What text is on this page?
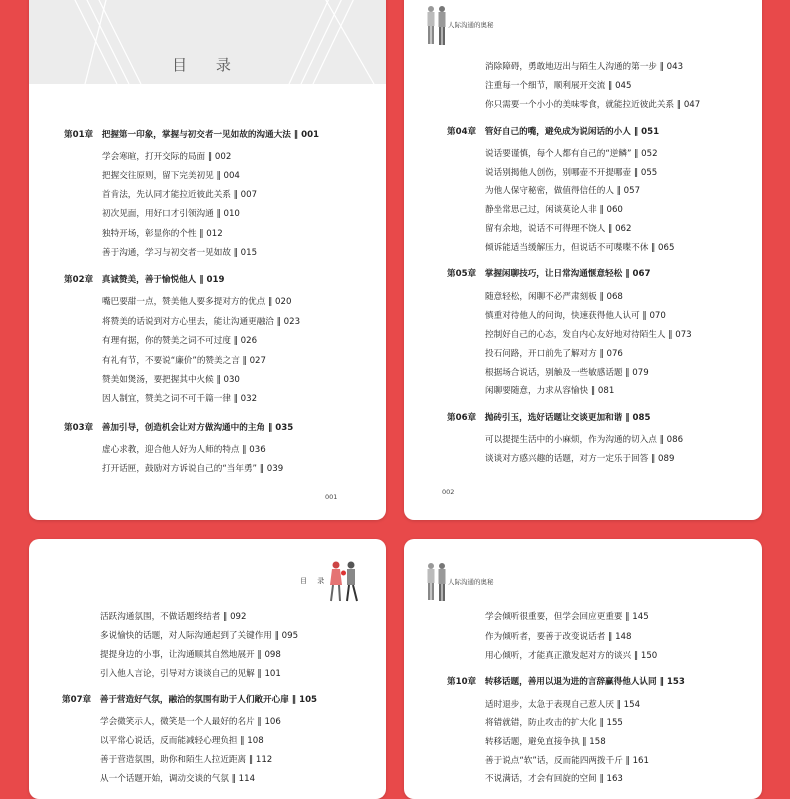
目 录
第01章　把握第一印象，掌握与初交者一见如故的沟通大法 ‖ 001
学会寒暄，打开交际的局面 ‖ 002
把握交往原则，留下完美初见 ‖ 004
首肯法，先认同才能拉近彼此关系 ‖ 007
初次见面，用好口才引领沟通 ‖ 010
独特开场，彰显你的个性 ‖ 012
善于沟通，学习与初交者一见如故 ‖ 015
第02章　真诚赞美，善于愉悦他人 ‖ 019
嘴巴要甜一点，赞美他人要多提对方的优点 ‖ 020
将赞美的话说到对方心里去，能让沟通更融洽 ‖ 023
有理有据，你的赞美之词不可过度 ‖ 026
有礼有节，不要说“廉价”的赞美之言 ‖ 027
赞美如煲汤，要把握其中火候 ‖ 030
因人制宜，赞美之词不可千篇一律 ‖ 032
第03章　善加引导，创造机会让对方做沟通中的主角 ‖ 035
虚心求教，迎合他人好为人师的特点 ‖ 036
打开话匣，鼓励对方诉说自己的“当年勇” ‖ 039
001
人际沟通的奥秘
消除障碍，勇敢地迈出与陌生人沟通的第一步 ‖ 043
注重每一个细节，顺利展开交流 ‖ 045
你只需要一个小小的美味零食，就能拉近彼此关系 ‖ 047
第04章　管好自己的嘴，避免成为说闲话的小人 ‖ 051
说话要谨慎，每个人都有自己的“逆鳞” ‖ 052
说话别揭他人创伤，别哪壶不开提哪壶 ‖ 055
为他人保守秘密，做值得信任的人 ‖ 057
静坐常思己过，闲谈莫论人非 ‖ 060
留有余地，说话不可得理不饶人 ‖ 062
倾诉能适当缓解压力，但说话不可喋喋不休 ‖ 065
第05章　掌握闲聊技巧，让日常沟通惬意轻松 ‖ 067
随意轻松，闲聊不必严肃刻板 ‖ 068
慎重对待他人的问询，快速获得他人认可 ‖ 070
控制好自己的心态，发自内心友好地对待陌生人 ‖ 073
投石问路，开口前先了解对方 ‖ 076
根据场合说话，别触及一些敏感话题 ‖ 079
闲聊要随意，力求从容愉快 ‖ 081
第06章　抛砖引玉，选好话题让交谈更加和谐 ‖ 085
可以提提生活中的小麻烦，作为沟通的切入点 ‖ 086
谈谈对方感兴趣的话题，对方一定乐于回答 ‖ 089
002
目 录
活跃沟通氛围，不做话题终结者 ‖ 092
多说愉快的话题，对人际沟通起到了关键作用 ‖ 095
提提身边的小事，让沟通顺其自然地展开 ‖ 098
引入他人言论，引导对方谈谈自己的见解 ‖ 101
第07章　善于营造好气氛，融洽的氛围有助于人们敞开心扉 ‖ 105
学会微笑示人，微笑是一个人最好的名片 ‖ 106
以平常心说话，反而能减轻心理负担 ‖ 108
善于营造氛围，助你和陌生人拉近距离 ‖ 112
从一个话题开始，调动交谈的气氛 ‖ 114
人际沟通的奥秘
学会倾听很重要，但学会回应更重要 ‖ 145
作为倾听者，要善于改变说话者 ‖ 148
用心倾听，才能真正激发起对方的谈兴 ‖ 150
第10章　转移话题，善用以退为进的言辞赢得他人认同 ‖ 153
适时退步，太急于表现自己惹人厌 ‖ 154
将错就错，防止攻击的扩大化 ‖ 155
转移话题，避免直接争执 ‖ 158
善于说点“软”话，反而能四两拨千斤 ‖ 161
不说满话，才会有回旋的空间 ‖ 163
